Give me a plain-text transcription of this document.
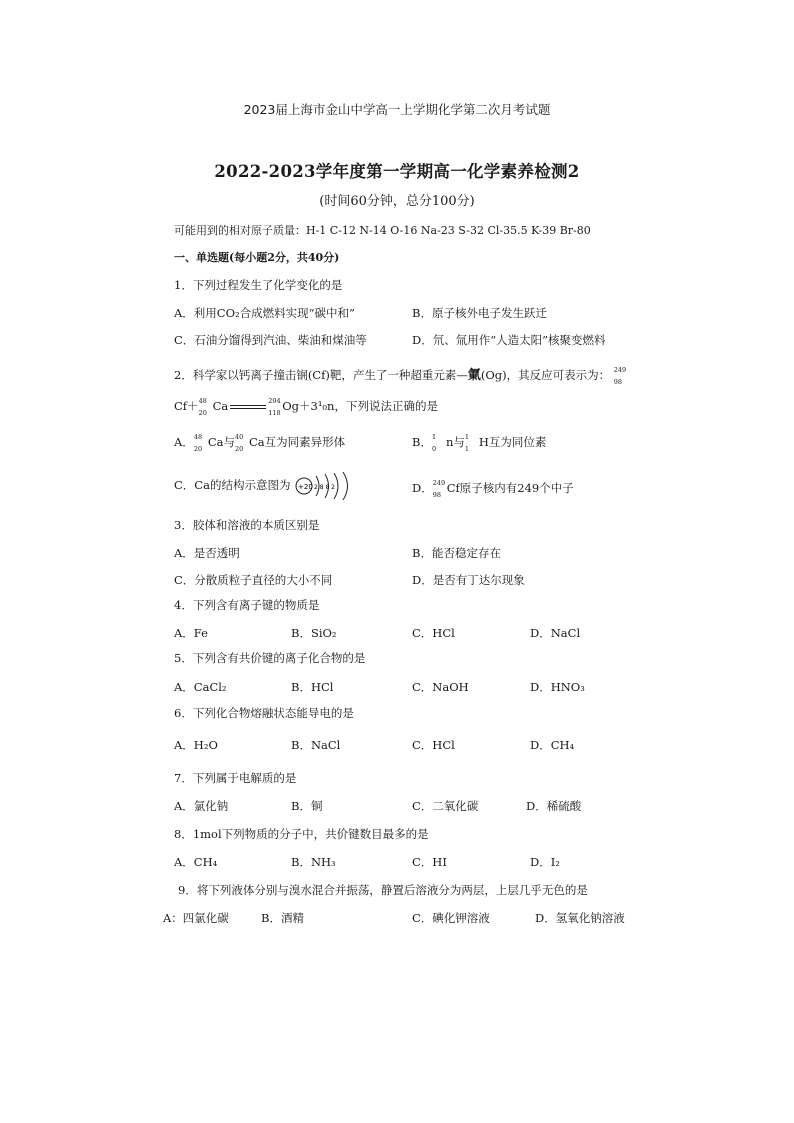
2023届上海市金山中学高一上学期化学第二次月考试题
2022-2023学年度第一学期高一化学素养检测2
(时间60分钟，总分100分)
可能用到的相对原子质量：H-1 C-12 N-14 O-16 Na-23 S-32 Cl-35.5 K-39 Br-80
一、单选题(每小题2分，共40分)
1．下列过程发生了化学变化的是
A．利用CO₂合成燃料实现“碳中和”	B．原子核外电子发生跃迁
C．石油分馏得到汽油、柴油和煤油等	D．氘、氚用作“人造太阳”核聚变燃料
2．科学家以钙离子撞击锎(Cf)靶，产生了一种超重元素—氭(Og)，其反应可表示为： 249
98
Cf＋ 48
20 Ca	294
118 Og＋3¹₀n，下列说法正确的是
A． 48
20 Ca与 40
20 Ca互为同素异形体	B． 1
0 n与 1
1 H互为同位素
C．Ca的结构示意图为 +20 2 8 8 2	D． 249
98 Cf原子核内有249个中子
3．胶体和溶液的本质区别是
A．是否透明	B．能否稳定存在
C．分散质粒子直径的大小不同	D．是否有丁达尔现象
4．下列含有离子键的物质是
A．Fe	B．SiO₂	C．HCl	D．NaCl
5．下列含有共价键的离子化合物的是
A．CaCl₂	B．HCl	C．NaOH	D．HNO₃
6．下列化合物熔融状态能导电的是
A．H₂O	B．NaCl	C．HCl	D．CH₄
7．下列属于电解质的是
A．氯化钠	B．铜	C．二氧化碳	D．稀硫酸
8．1mol下列物质的分子中，共价键数目最多的是
A．CH₄	B．NH₃	C．HI	D．I₂
9．将下列液体分别与溴水混合并振荡，静置后溶液分为两层，上层几乎无色的是
A：四氯化碳	B．酒精	C．碘化钾溶液	D．氢氧化钠溶液
